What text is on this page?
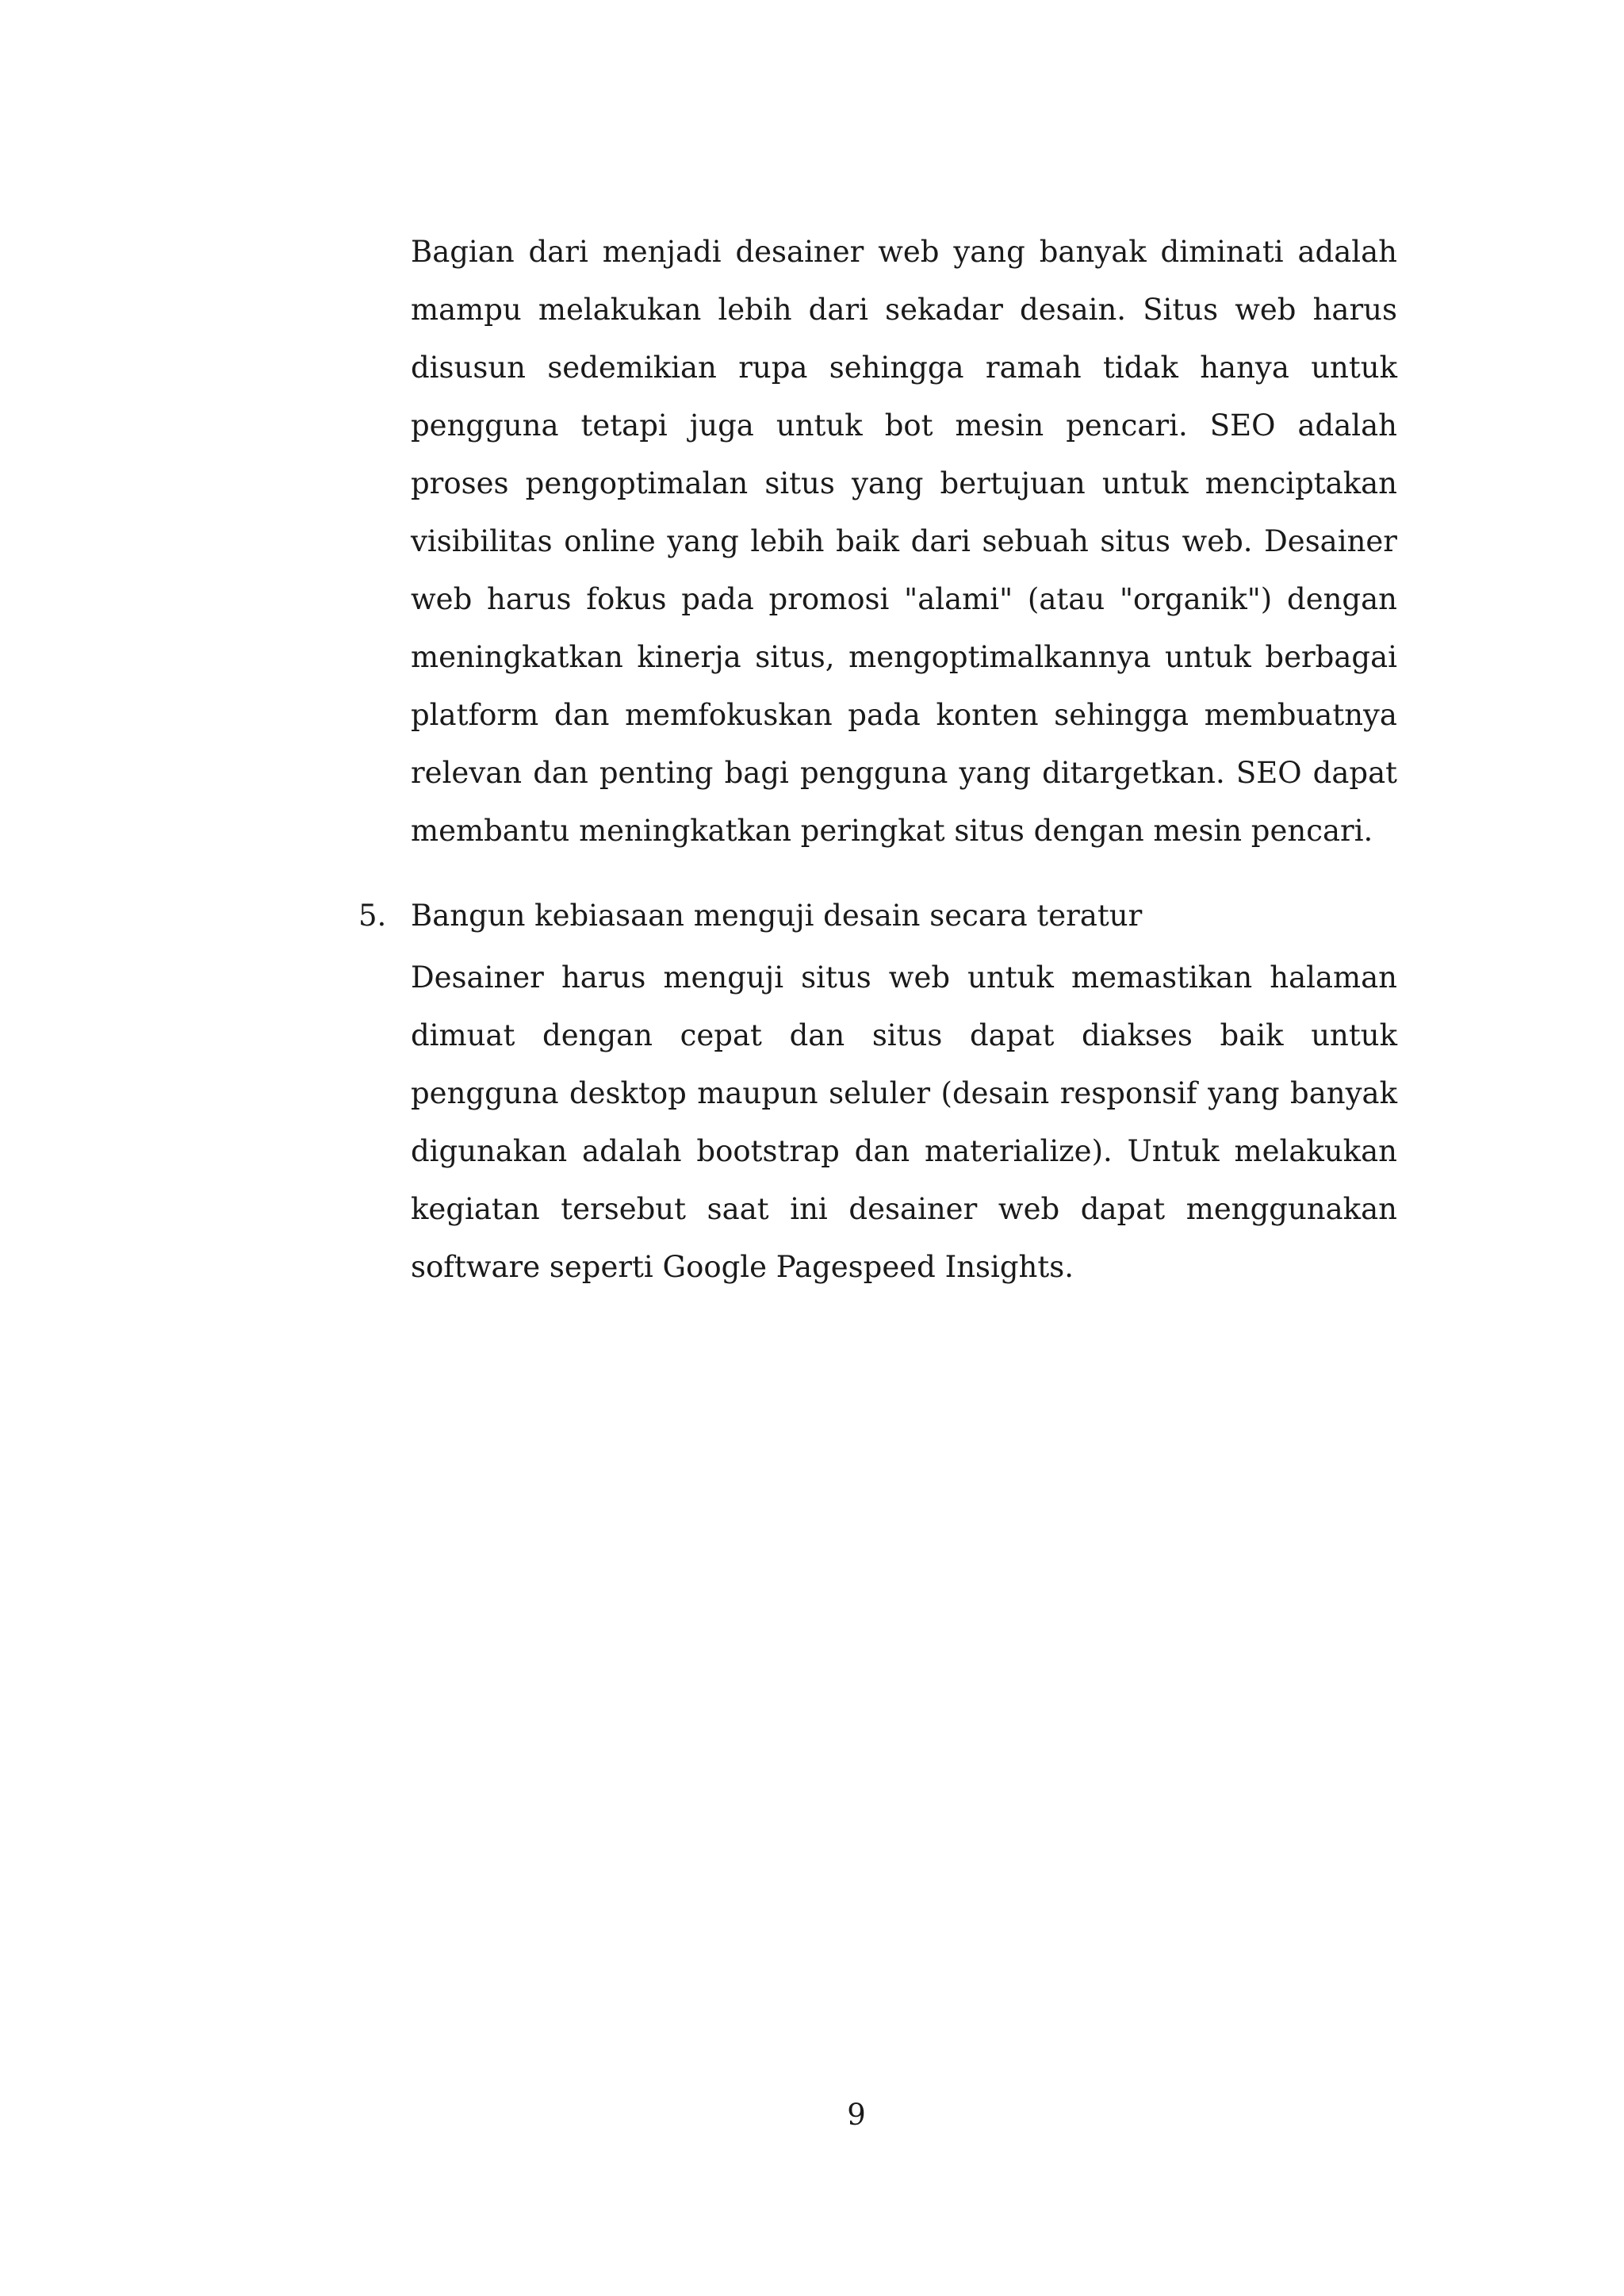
Bagian dari menjadi desainer web yang banyak diminati adalah mampu melakukan lebih dari sekadar desain. Situs web harus disusun sedemikian rupa sehingga ramah tidak hanya untuk pengguna tetapi juga untuk bot mesin pencari. SEO adalah proses pengoptimalan situs yang bertujuan untuk menciptakan visibilitas online yang lebih baik dari sebuah situs web. Desainer web harus fokus pada promosi "alami" (atau "organik") dengan meningkatkan kinerja situs, mengoptimalkannya untuk berbagai platform dan memfokuskan pada konten sehingga membuatnya relevan dan penting bagi pengguna yang ditargetkan. SEO dapat membantu meningkatkan peringkat situs dengan mesin pencari.

5. Bangun kebiasaan menguji desain secara teratur

Desainer harus menguji situs web untuk memastikan halaman dimuat dengan cepat dan situs dapat diakses baik untuk pengguna desktop maupun seluler (desain responsif yang banyak digunakan adalah bootstrap dan materialize). Untuk melakukan kegiatan tersebut saat ini desainer web dapat menggunakan software seperti Google Pagespeed Insights.

9
